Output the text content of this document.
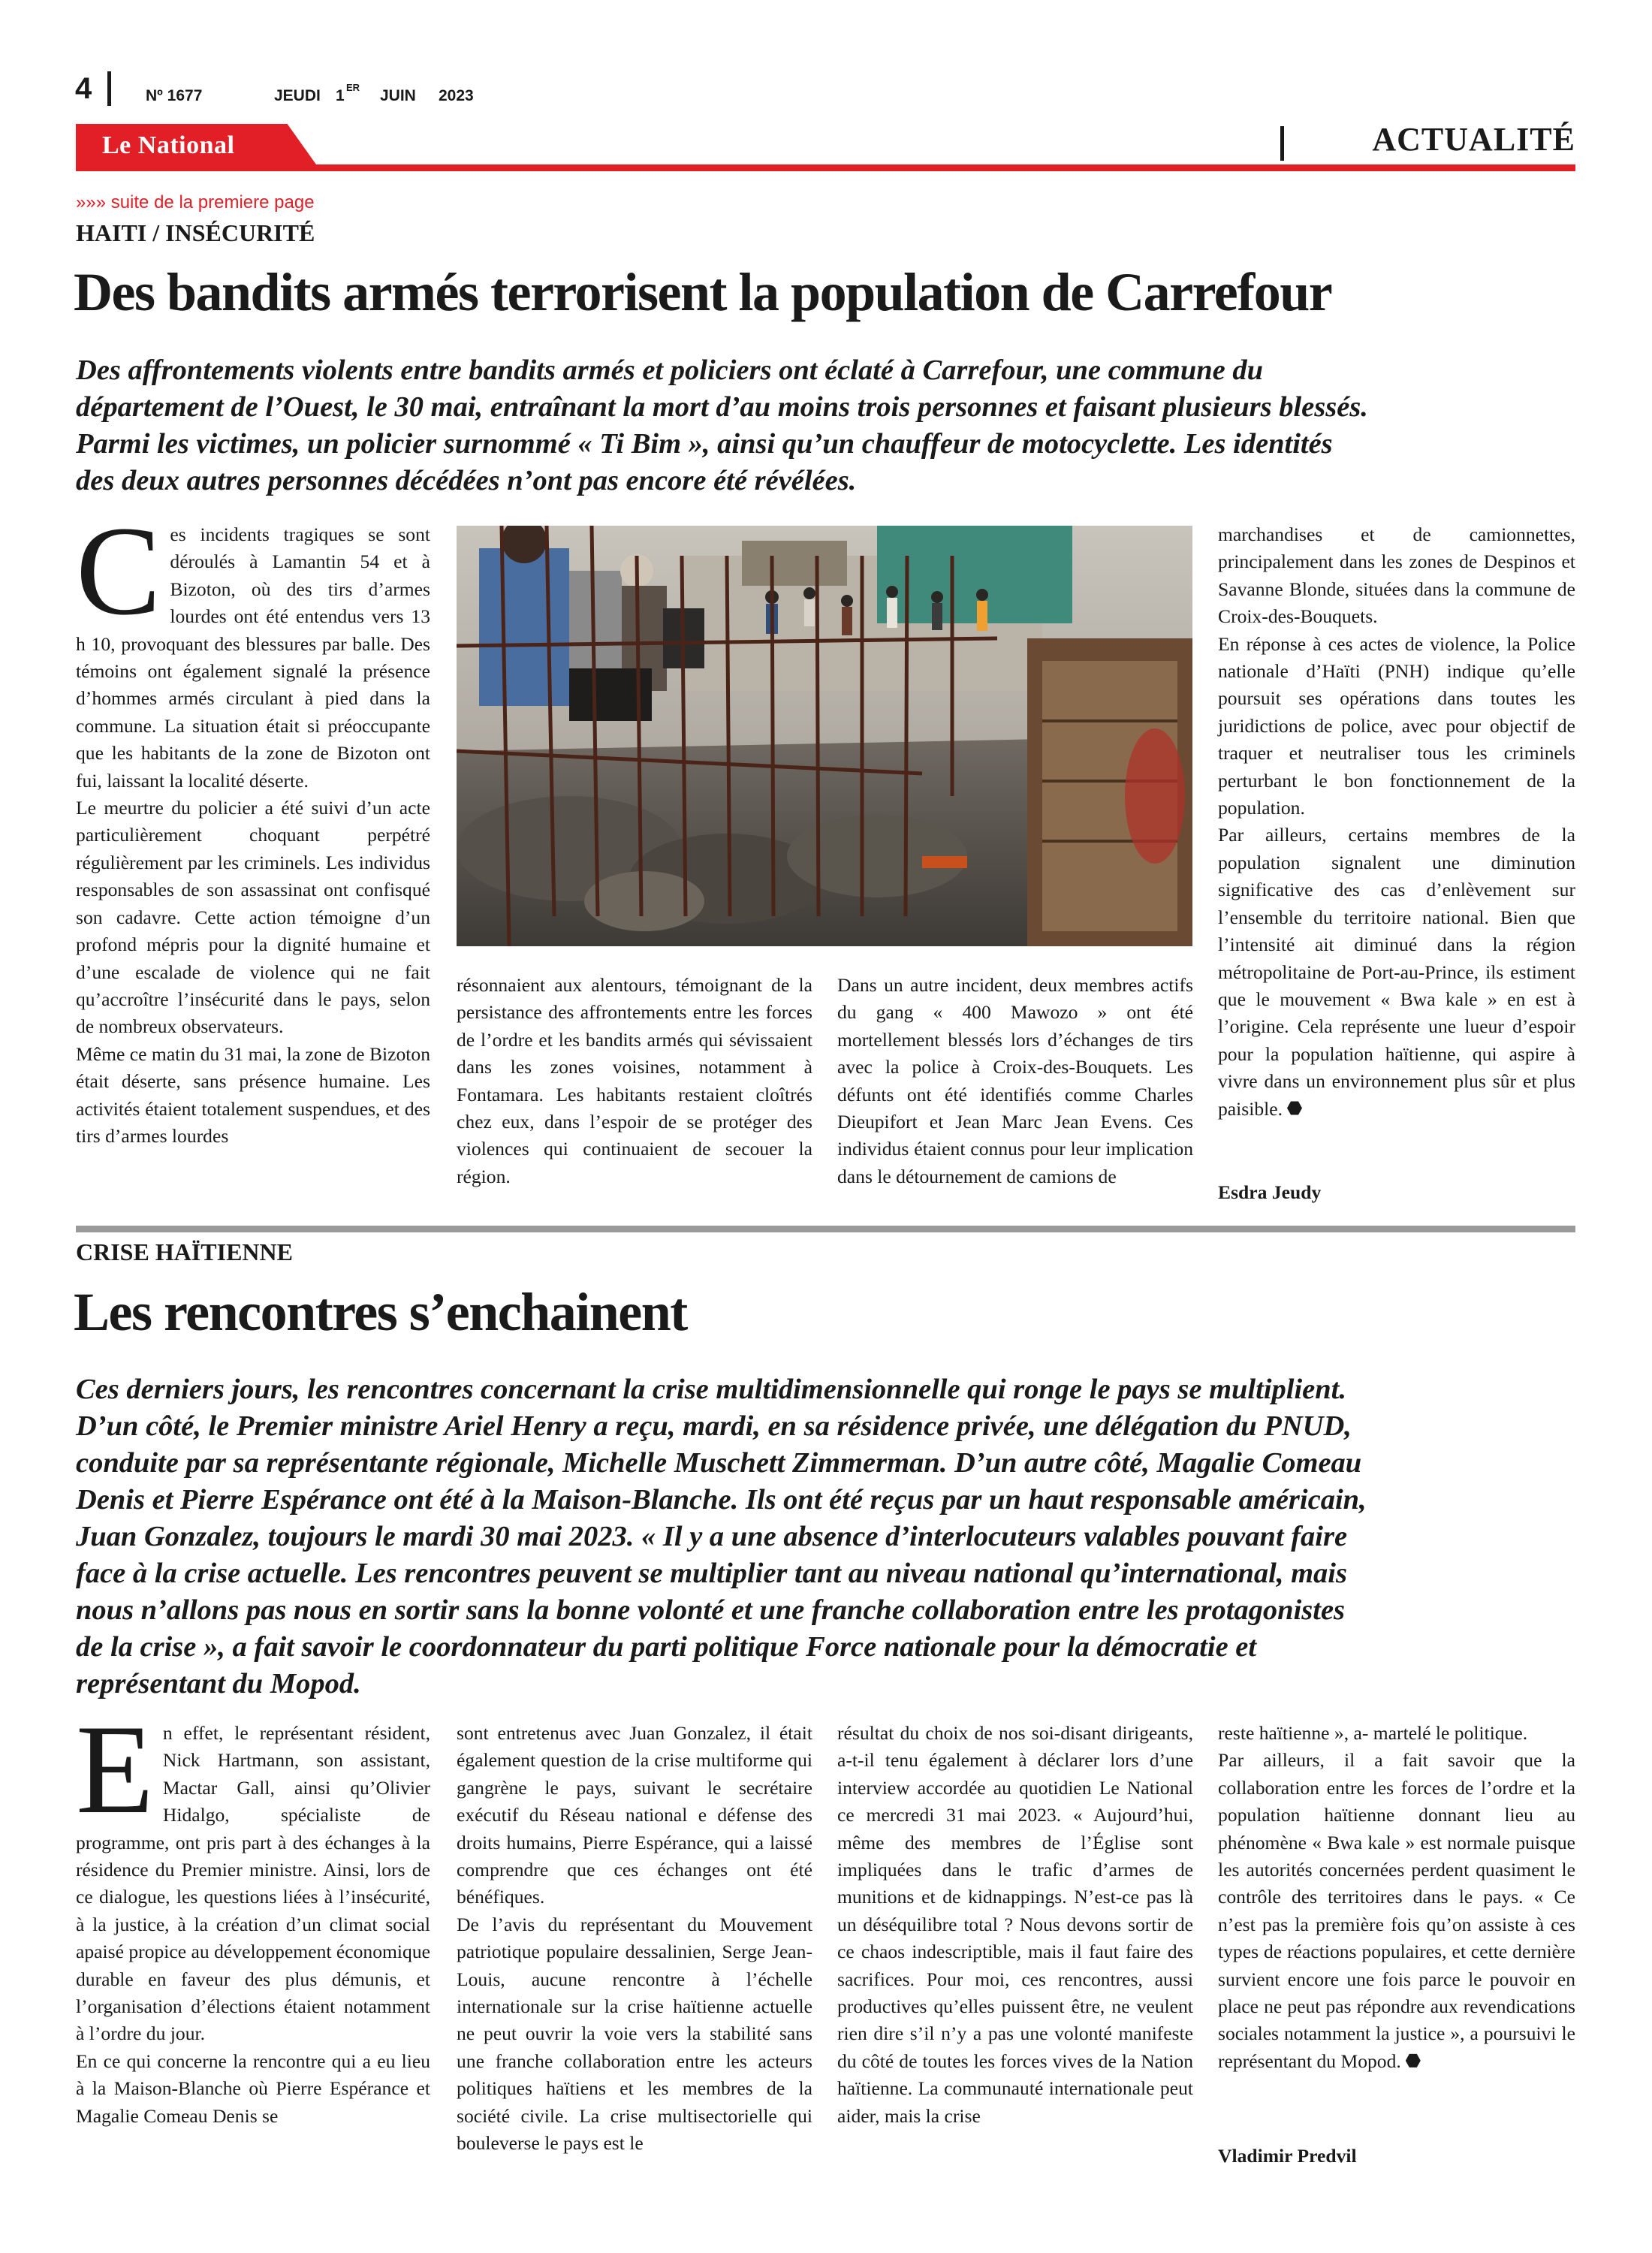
4	Nº 1677	JEUDI 1 ER JUIN 2023
Le National	ACTUALITÉ
»»» suite de la premiere page
HAITI / INSÉCURITÉ
Des bandits armés terrorisent la population de Carrefour
Des affrontements violents entre bandits armés et policiers ont éclaté à Carrefour, une commune du
département de l’Ouest, le 30 mai, entraînant la mort d’au moins trois personnes et faisant plusieurs blessés.
Parmi les victimes, un policier surnommé « Ti Bim », ainsi qu’un chauffeur de motocyclette. Les identités
des deux autres personnes décédées n’ont pas encore été révélées.
C es incidents tragiques se sont déroulés à Lamantin 54 et à Bizoton, où des tirs d’armes lourdes ont été entendus vers 13 h 10, provoquant des blessures par balle. Des témoins ont également signalé la présence d’hommes armés circulant à pied dans la commune. La situation était si préoccupante que les habitants de la zone de Bizoton ont fui, laissant la localité déserte.

Le meurtre du policier a été suivi d’un acte particulièrement choquant perpétré régulièrement par les criminels. Les individus responsables de son assassinat ont confisqué son cadavre. Cette action témoigne d’un profond mépris pour la dignité humaine et d’une escalade de violence qui ne fait qu’accroître l’insécurité dans le pays, selon de nombreux observateurs.

Même ce matin du 31 mai, la zone de Bizoton était déserte, sans présence humaine. Les activités étaient totalement suspendues, et des tirs d’armes lourdes

résonnaient aux alentours, témoignant de la persistance des affrontements entre les forces de l’ordre et les bandits armés qui sévissaient dans les zones voisines, notamment à Fontamara. Les habitants restaient cloîtrés chez eux, dans l’espoir de se protéger des violences qui continuaient de secouer la région.

Dans un autre incident, deux membres actifs du gang « 400 Mawozo » ont été mortellement blessés lors d’échanges de tirs avec la police à Croix-des-Bouquets. Les défunts ont été identifiés comme Charles Dieupifort et Jean Marc Jean Evens. Ces individus étaient connus pour leur implication dans le détournement de camions de

marchandises et de camionnettes, principalement dans les zones de Despinos et Savanne Blonde, situées dans la commune de Croix-des-Bouquets.

En réponse à ces actes de violence, la Police nationale d’Haïti (PNH) indique qu’elle poursuit ses opérations dans toutes les juridictions de police, avec pour objectif de traquer et neutraliser tous les criminels perturbant le bon fonctionnement de la population.

Par ailleurs, certains membres de la population signalent une diminution significative des cas d’enlèvement sur l’ensemble du territoire national. Bien que l’intensité ait diminué dans la région métropolitaine de Port-au-Prince, ils estiment que le mouvement « Bwa kale » en est à l’origine. Cela représente une lueur d’espoir pour la population haïtienne, qui aspire à vivre dans un environnement plus sûr et plus paisible.

Esdra Jeudy
CRISE HAÏTIENNE
Les rencontres s’enchainent
Ces derniers jours, les rencontres concernant la crise multidimensionnelle qui ronge le pays se multiplient.
D’un côté, le Premier ministre Ariel Henry a reçu, mardi, en sa résidence privée, une délégation du PNUD,
conduite par sa représentante régionale, Michelle Muschett Zimmerman. D’un autre côté, Magalie Comeau
Denis et Pierre Espérance ont été à la Maison-Blanche. Ils ont été reçus par un haut responsable américain,
Juan Gonzalez, toujours le mardi 30 mai 2023. « Il y a une absence d’interlocuteurs valables pouvant faire
face à la crise actuelle. Les rencontres peuvent se multiplier tant au niveau national qu’international, mais
nous n’allons pas nous en sortir sans la bonne volonté et une franche collaboration entre les protagonistes
de la crise », a fait savoir le coordonnateur du parti politique Force nationale pour la démocratie et
représentant du Mopod.
E n effet, le représentant résident, Nick Hartmann, son assistant, Mactar Gall, ainsi qu’Olivier Hidalgo, spécialiste de programme, ont pris part à des échanges à la résidence du Premier ministre. Ainsi, lors de ce dialogue, les questions liées à l’insécurité, à la justice, à la création d’un climat social apaisé propice au développement économique durable en faveur des plus démunis, et l’organisation d’élections étaient notamment à l’ordre du jour.

En ce qui concerne la rencontre qui a eu lieu à la Maison-Blanche où Pierre Espérance et Magalie Comeau Denis se

sont entretenus avec Juan Gonzalez, il était également question de la crise multiforme qui gangrène le pays, suivant le secrétaire exécutif du Réseau national e défense des droits humains, Pierre Espérance, qui a laissé comprendre que ces échanges ont été bénéfiques.

De l’avis du représentant du Mouvement patriotique populaire dessalinien, Serge Jean-Louis, aucune rencontre à l’échelle internationale sur la crise haïtienne actuelle ne peut ouvrir la voie vers la stabilité sans une franche collaboration entre les acteurs politiques haïtiens et les membres de la société civile. La crise multisectorielle qui bouleverse le pays est le

résultat du choix de nos soi-disant dirigeants, a-t-il tenu également à déclarer lors d’une interview accordée au quotidien Le National ce mercredi 31 mai 2023. « Aujourd’hui, même des membres de l’Église sont impliquées dans le trafic d’armes de munitions et de kidnappings. N’est-ce pas là un déséquilibre total ? Nous devons sortir de ce chaos indescriptible, mais il faut faire des sacrifices. Pour moi, ces rencontres, aussi productives qu’elles puissent être, ne veulent rien dire s’il n’y a pas une volonté manifeste du côté de toutes les forces vives de la Nation haïtienne. La communauté internationale peut aider, mais la crise

reste haïtienne », a- martelé le politique.

Par ailleurs, il a fait savoir que la collaboration entre les forces de l’ordre et la population haïtienne donnant lieu au phénomène « Bwa kale » est normale puisque les autorités concernées perdent quasiment le contrôle des territoires dans le pays. « Ce n’est pas la première fois qu’on assiste à ces types de réactions populaires, et cette dernière survient encore une fois parce le pouvoir en place ne peut pas répondre aux revendications sociales notamment la justice », a poursuivi le représentant du Mopod.

Vladimir Predvil
